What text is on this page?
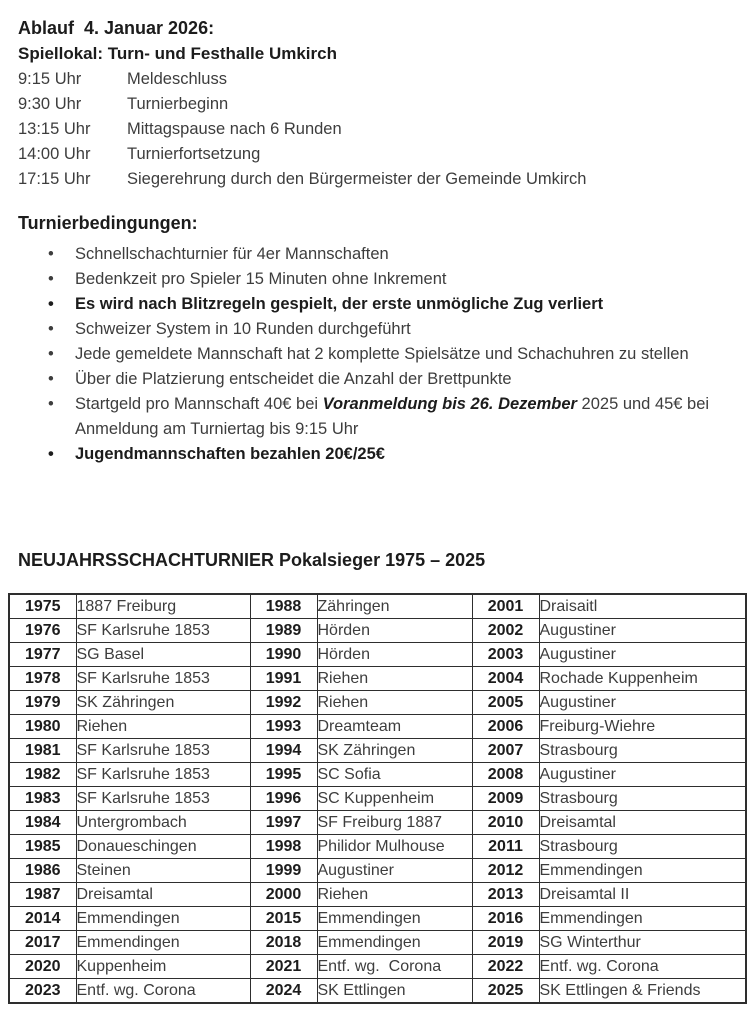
Ablauf  4. Januar 2026:
Spiellokal: Turn- und Festhalle Umkirch
9:15 Uhr	Meldeschluss
9:30 Uhr	Turnierbeginn
13:15 Uhr	Mittagspause nach 6 Runden
14:00 Uhr	Turnierfortsetzung
17:15 Uhr	Siegerehrung durch den Bürgermeister der Gemeinde Umkirch
Turnierbedingungen:
• Schnellschachturnier für 4er Mannschaften
• Bedenkzeit pro Spieler 15 Minuten ohne Inkrement
• Es wird nach Blitzregeln gespielt, der erste unmögliche Zug verliert
• Schweizer System in 10 Runden durchgeführt
• Jede gemeldete Mannschaft hat 2 komplette Spielsätze und Schachuhren zu stellen
• Über die Platzierung entscheidet die Anzahl der Brettpunkte
• Startgeld pro Mannschaft 40€ bei Voranmeldung bis 26. Dezember 2025 und 45€ bei Anmeldung am Turniertag bis 9:15 Uhr
• Jugendmannschaften bezahlen 20€/25€
NEUJAHRSSCHACHTURNIER Pokalsieger 1975 – 2025
1975	1887 Freiburg	1988	Zähringen	2001	Draisaitl
1976	SF Karlsruhe 1853	1989	Hörden	2002	Augustiner
1977	SG Basel	1990	Hörden	2003	Augustiner
1978	SF Karlsruhe 1853	1991	Riehen	2004	Rochade Kuppenheim
1979	SK Zähringen	1992	Riehen	2005	Augustiner
1980	Riehen	1993	Dreamteam	2006	Freiburg-Wiehre
1981	SF Karlsruhe 1853	1994	SK Zähringen	2007	Strasbourg
1982	SF Karlsruhe 1853	1995	SC Sofia	2008	Augustiner
1983	SF Karlsruhe 1853	1996	SC Kuppenheim	2009	Strasbourg
1984	Untergrombach	1997	SF Freiburg 1887	2010	Dreisamtal
1985	Donaueschingen	1998	Philidor Mulhouse	2011	Strasbourg
1986	Steinen	1999	Augustiner	2012	Emmendingen
1987	Dreisamtal	2000	Riehen	2013	Dreisamtal II
2014	Emmendingen	2015	Emmendingen	2016	Emmendingen
2017	Emmendingen	2018	Emmendingen	2019	SG Winterthur
2020	Kuppenheim	2021	Entf. wg.  Corona	2022	Entf. wg. Corona
2023	Entf. wg. Corona	2024	SK Ettlingen	2025	SK Ettlingen & Friends
